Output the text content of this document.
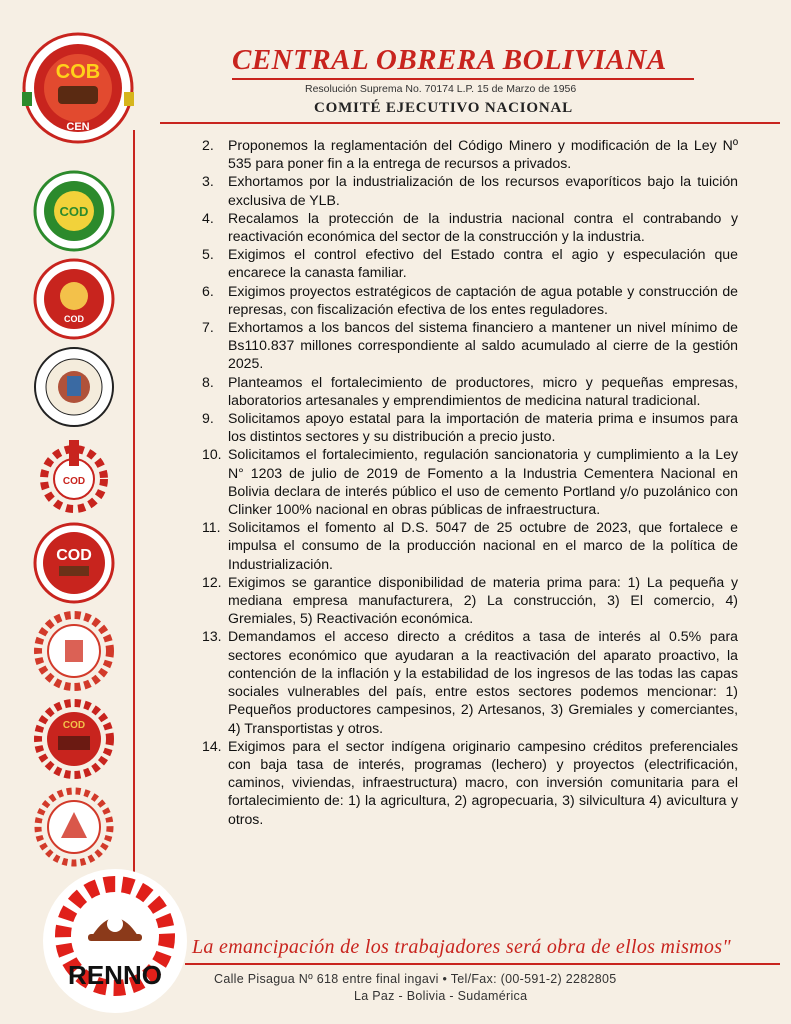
COB
CEN
CENTRAL OBRERA BOLIVIANA
Resolución Suprema No. 70174 L.P. 15 de Marzo de 1956
COMITÉ EJECUTIVO NACIONAL
COD
COD
COD
COD
COD
2.	Proponemos la reglamentación del Código Minero y modificación de la Ley Nº 535 para poner fin a la entrega de recursos a privados.
3.	Exhortamos por la industrialización de los recursos evaporíticos bajo la tuición exclusiva de YLB.
4.	Recalamos la protección de la industria nacional contra el contrabando y reactivación económica del sector de la construcción y la industria.
5.	Exigimos el control efectivo del Estado contra el agio y especulación que encarece la canasta familiar.
6.	Exigimos proyectos estratégicos de captación de agua potable y construcción de represas, con fiscalización efectiva de los entes reguladores.
7.	Exhortamos a los bancos del sistema financiero a mantener un nivel mínimo de Bs110.837 millones correspondiente al saldo acumulado al cierre de la gestión 2025.
8.	Planteamos el fortalecimiento de productores, micro y pequeñas empresas, laboratorios artesanales y emprendimientos de medicina natural tradicional.
9.	Solicitamos apoyo estatal para la importación de materia prima e insumos para los distintos sectores y su distribución a precio justo.
10. Solicitamos el fortalecimiento, regulación sancionatoria y cumplimiento a la Ley N° 1203 de julio de 2019 de Fomento a la Industria Cementera Nacional en Bolivia declara de interés público el uso de cemento Portland y/o puzolánico con Clinker 100% nacional en obras públicas de infraestructura.
11. Solicitamos el fomento al D.S. 5047 de 25 octubre de 2023, que fortalece e impulsa el consumo de la producción nacional en el marco de la política de Industrialización.
12. Exigimos se garantice disponibilidad de materia prima para: 1) La pequeña y mediana empresa manufacturera, 2) La construcción, 3) El comercio, 4) Gremiales, 5) Reactivación económica.
13. Demandamos el acceso directo a créditos a tasa de interés al 0.5% para sectores económico que ayudaran a la reactivación del aparato proactivo, la contención de la inflación y la estabilidad de los ingresos de las todas las capas sociales vulnerables del país, entre estos sectores podemos mencionar: 1) Pequeños productores campesinos, 2) Artesanos, 3) Gremiales y comerciantes, 4) Transportistas y otros.
14. Exigimos para el sector indígena originario campesino créditos preferenciales con baja tasa de interés, programas (lechero) y proyectos (electrificación, caminos, viviendas, infraestructura) macro, con inversión comunitaria para el fortalecimiento de: 1) la agricultura, 2) agropecuaria, 3) silvicultura 4) avicultura y otros.
La emancipación de los trabajadores será obra de ellos mismos"
Calle Pisagua Nº 618 entre final ingavi • Tel/Fax: (00-591-2) 2282805
La Paz - Bolivia - Sudamérica
RENNO
